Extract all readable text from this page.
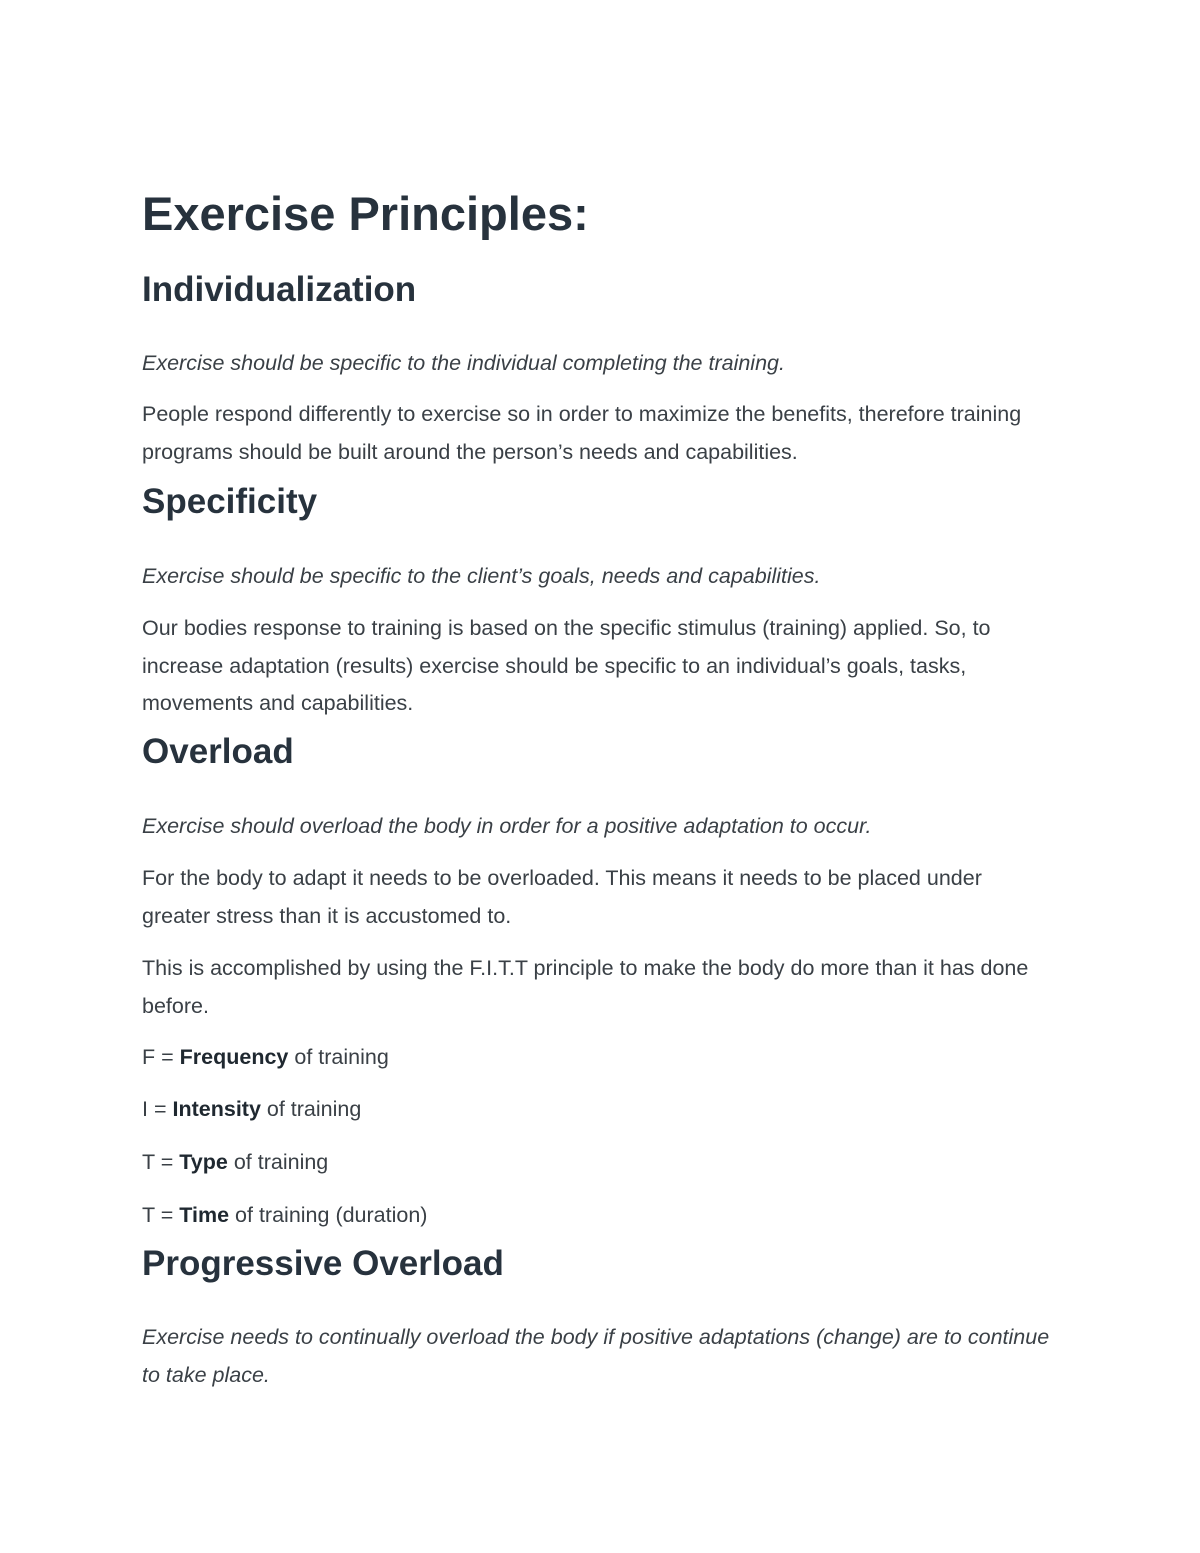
Exercise Principles:
Individualization

Exercise should be specific to the individual completing the training.

People respond differently to exercise so in order to maximize the benefits, therefore training programs should be built around the person’s needs and capabilities.

Specificity

Exercise should be specific to the client’s goals, needs and capabilities.

Our bodies response to training is based on the specific stimulus (training) applied. So, to increase adaptation (results) exercise should be specific to an individual’s goals, tasks, movements and capabilities.

Overload

Exercise should overload the body in order for a positive adaptation to occur.

For the body to adapt it needs to be overloaded. This means it needs to be placed under greater stress than it is accustomed to.

This is accomplished by using the F.I.T.T principle to make the body do more than it has done before.

F = Frequency of training

I = Intensity of training

T = Type of training

T = Time of training (duration)

Progressive Overload

Exercise needs to continually overload the body if positive adaptations (change) are to continue to take place.
